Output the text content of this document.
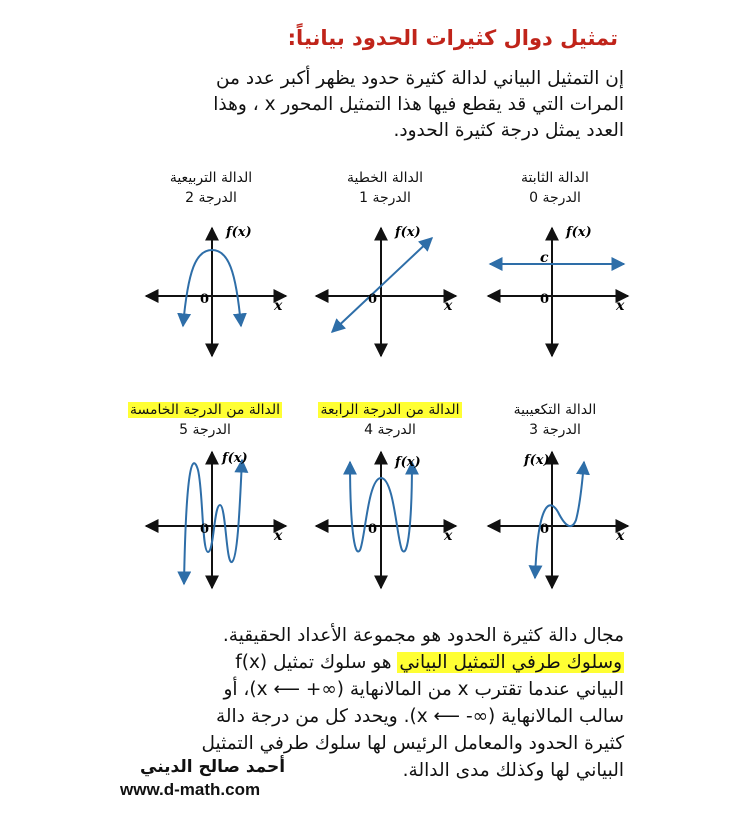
تمثيل دوال كثيرات الحدود بيانياً:
إن التمثيل البياني لدالة كثيرة حدود يظهر أكبر عدد من
المرات التي قد يقطع فيها هذا التمثيل المحور x ، وهذا
العدد يمثل درجة كثيرة الحدود.
الدالة الثابتة
الدرجة 0
الدالة الخطية
الدرجة 1
الدالة التربيعية
الدرجة 2
الدالة التكعيبية
الدرجة 3
الدالة من الدرجة الرابعة
الدرجة 4
الدالة من الدرجة الخامسة
الدرجة 5
f(x)
x
0
c
f(x)
x
0
f(x)
x
0
f(x)
x
0
f(x)
x
0
f(x)
x
0
مجال دالة كثيرة الحدود هو مجموعة الأعداد الحقيقية.
وسلوك طرفي التمثيل البياني هو سلوك تمثيل f(x)
البياني عندما تقترب x من المالانهاية (∞+ ⟵ x)، أو
سالب المالانهاية (∞- ⟵ x). ويحدد كل من درجة دالة
كثيرة الحدود والمعامل الرئيس لها سلوك طرفي التمثيل
البياني لها وكذلك مدى الدالة.
أحمد صالح الديني
www.d-math.com
